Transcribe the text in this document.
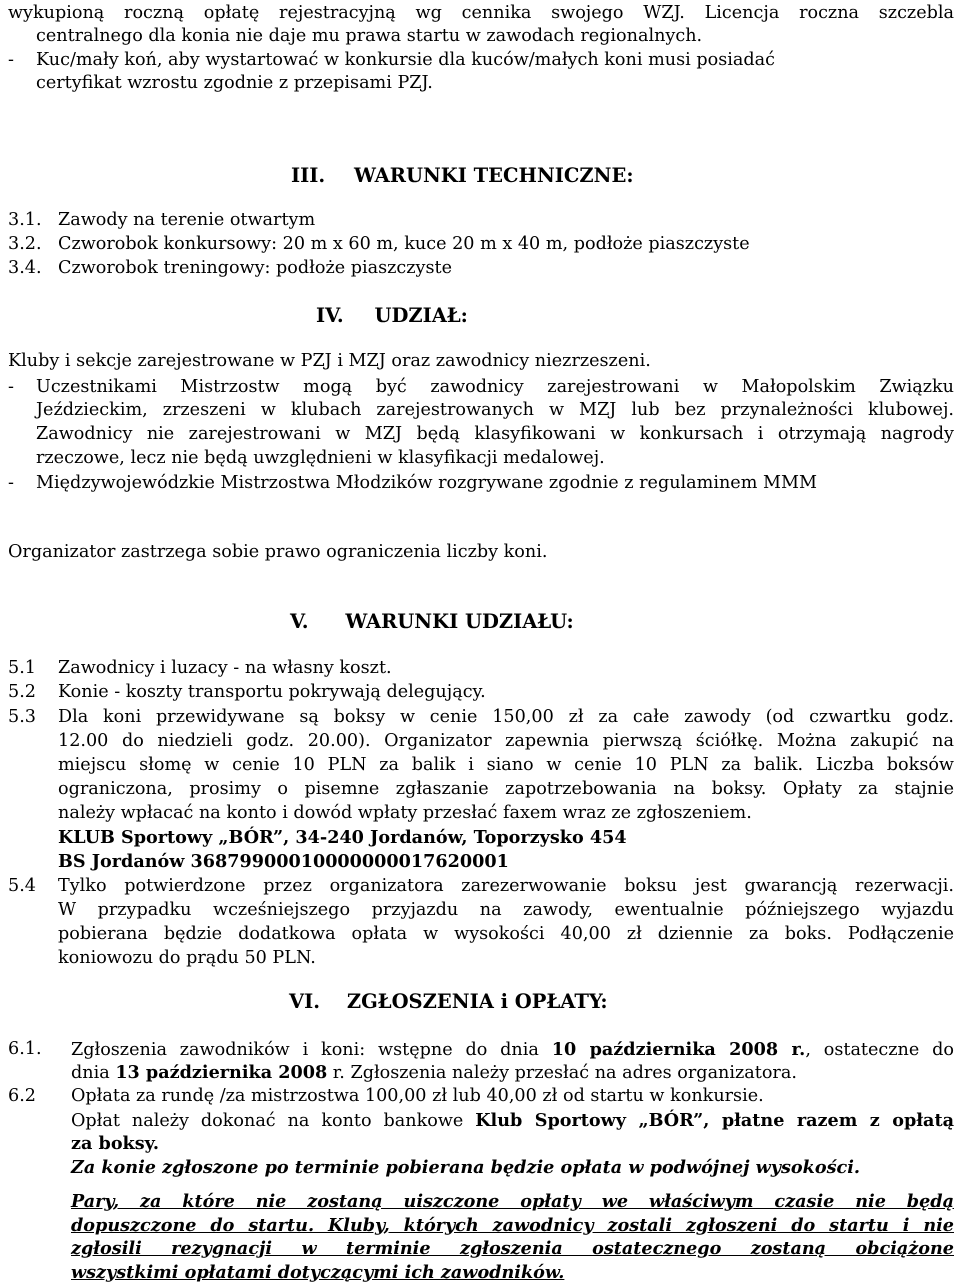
wykupioną roczną opłatę rejestracyjną wg cennika swojego WZJ. Licencja roczna szczebla

centralnego dla konia nie daje mu prawa startu w zawodach regionalnych.

- Kuc/mały koń, aby wystartować w konkursie dla kuców/małych koni musi posiadać

certyfikat wzrostu zgodnie z przepisami PZJ.

III. WARUNKI TECHNICZNE:

3.1. Zawody na terenie otwartym

3.2. Czworobok konkursowy: 20 m x 60 m, kuce 20 m x 40 m, podłoże piaszczyste

3.4. Czworobok treningowy: podłoże piaszczyste

IV. UDZIAŁ:

Kluby i sekcje zarejestrowane w PZJ i MZJ oraz zawodnicy niezrzeszeni.

- Uczestnikami Mistrzostw mogą być zawodnicy zarejestrowani w Małopolskim Związku

Jeździeckim, zrzeszeni w klubach zarejestrowanych w MZJ lub bez przynależności klubowej.

Zawodnicy nie zarejestrowani w MZJ będą klasyfikowani w konkursach i otrzymają nagrody

rzeczowe, lecz nie będą uwzględnieni w klasyfikacji medalowej.

- Międzywojewódzkie Mistrzostwa Młodzików rozgrywane zgodnie z regulaminem MMM

Organizator zastrzega sobie prawo ograniczenia liczby koni.

V. WARUNKI UDZIAŁU:

5.1 Zawodnicy i luzacy - na własny koszt.

5.2 Konie - koszty transportu pokrywają delegujący.

5.3 Dla koni przewidywane są boksy w cenie 150,00 zł za całe zawody (od czwartku godz.

12.00 do niedzieli godz. 20.00). Organizator zapewnia pierwszą ściółkę. Można zakupić na

miejscu słomę w cenie 10 PLN za balik i siano w cenie 10 PLN za balik. Liczba boksów

ograniczona, prosimy o pisemne zgłaszanie zapotrzebowania na boksy. Opłaty za stajnie

należy wpłacać na konto i dowód wpłaty przesłać faxem wraz ze zgłoszeniem.

KLUB Sportowy „BÓR”, 34-240 Jordanów, Toporzysko 454

BS Jordanów 36879900010000000017620001

5.4 Tylko potwierdzone przez organizatora zarezerwowanie boksu jest gwarancją rezerwacji.

W przypadku wcześniejszego przyjazdu na zawody, ewentualnie późniejszego wyjazdu

pobierana będzie dodatkowa opłata w wysokości 40,00 zł dziennie za boks. Podłączenie

koniowozu do prądu 50 PLN.

VI. ZGŁOSZENIA i OPŁATY:

6.1. Zgłoszenia zawodników i koni: wstępne do dnia 10 października 2008 r., ostateczne do

dnia 13 października 2008 r. Zgłoszenia należy przesłać na adres organizatora.

6.2 Opłata za rundę /za mistrzostwa 100,00 zł lub 40,00 zł od startu w konkursie.

Opłat należy dokonać na konto bankowe Klub Sportowy „BÓR”, płatne razem z opłatą

za boksy.

Za konie zgłoszone po terminie pobierana będzie opłata w podwójnej wysokości.

Pary, za które nie zostaną uiszczone opłaty we właściwym czasie nie będą

dopuszczone do startu. Kluby, których zawodnicy zostali zgłoszeni do startu i nie

zgłosili rezygnacji w terminie zgłoszenia ostatecznego zostaną obciążone

wszystkimi opłatami dotyczącymi ich zawodników.
